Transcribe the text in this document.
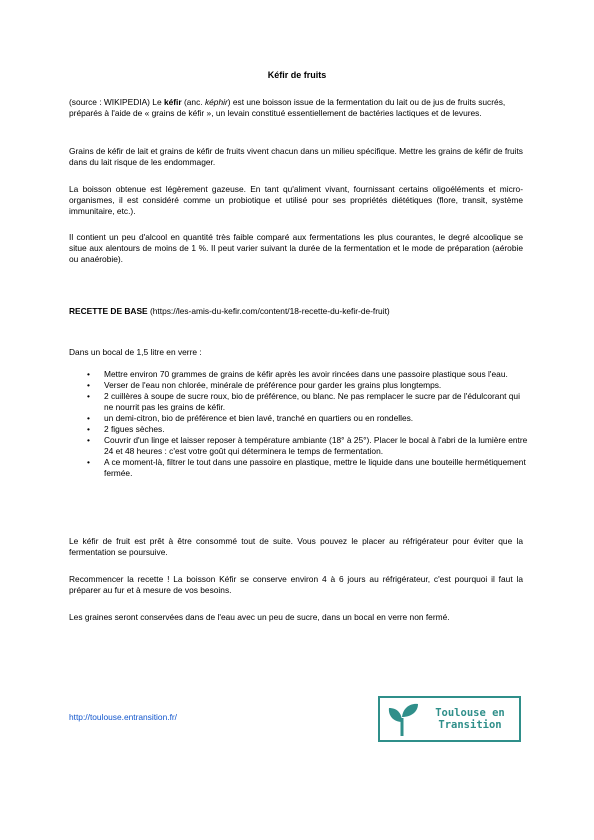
Kéfir de fruits

(source : WIKIPEDIA) Le kéfir (anc. képhir) est une boisson issue de la fermentation du lait ou de jus de fruits sucrés, préparés à l'aide de « grains de kéfir », un levain constitué essentiellement de bactéries lactiques et de levures.

Grains de kéfir de lait et grains de kéfir de fruits vivent chacun dans un milieu spécifique. Mettre les grains de kéfir de fruits dans du lait risque de les endommager.

La boisson obtenue est légèrement gazeuse. En tant qu'aliment vivant, fournissant certains oligoéléments et micro-organismes, il est considéré comme un probiotique et utilisé pour ses propriétés diététiques (flore, transit, système immunitaire, etc.).

Il contient un peu d'alcool en quantité très faible comparé aux fermentations les plus courantes, le degré alcoolique se situe aux alentours de moins de 1 %. Il peut varier suivant la durée de la fermentation et le mode de préparation (aérobie ou anaérobie).

RECETTE DE BASE (https://les-amis-du-kefir.com/content/18-recette-du-kefir-de-fruit)

Dans un bocal de 1,5 litre en verre :

• Mettre environ 70 grammes de grains de kéfir après les avoir rincées dans une passoire plastique sous l'eau.
• Verser de l'eau non chlorée, minérale de préférence pour garder les grains plus longtemps.
• 2 cuillères à soupe de sucre roux, bio de préférence, ou blanc. Ne pas remplacer le sucre par de l'édulcorant qui ne nourrit pas les grains de kéfir.
• un demi-citron, bio de préférence et bien lavé, tranché en quartiers ou en rondelles.
• 2 figues sèches.
• Couvrir d'un linge et laisser reposer à température ambiante (18° à 25°). Placer le bocal à l'abri de la lumière entre 24 et 48 heures : c'est votre goût qui déterminera le temps de fermentation.
• A ce moment-là, filtrer le tout dans une passoire en plastique, mettre le liquide dans une bouteille hermétiquement fermée.

Le kéfir de fruit est prêt à être consommé tout de suite. Vous pouvez le placer au réfrigérateur pour éviter que la fermentation se poursuive.

Recommencer la recette ! La boisson Kéfir se conserve environ 4 à 6 jours au réfrigérateur, c'est pourquoi il faut la préparer au fur et à mesure de vos besoins.

Les graines seront conservées dans de l'eau avec un peu de sucre, dans un bocal en verre non fermé.

http://toulouse.entransition.fr/	Toulouse en
Transition
